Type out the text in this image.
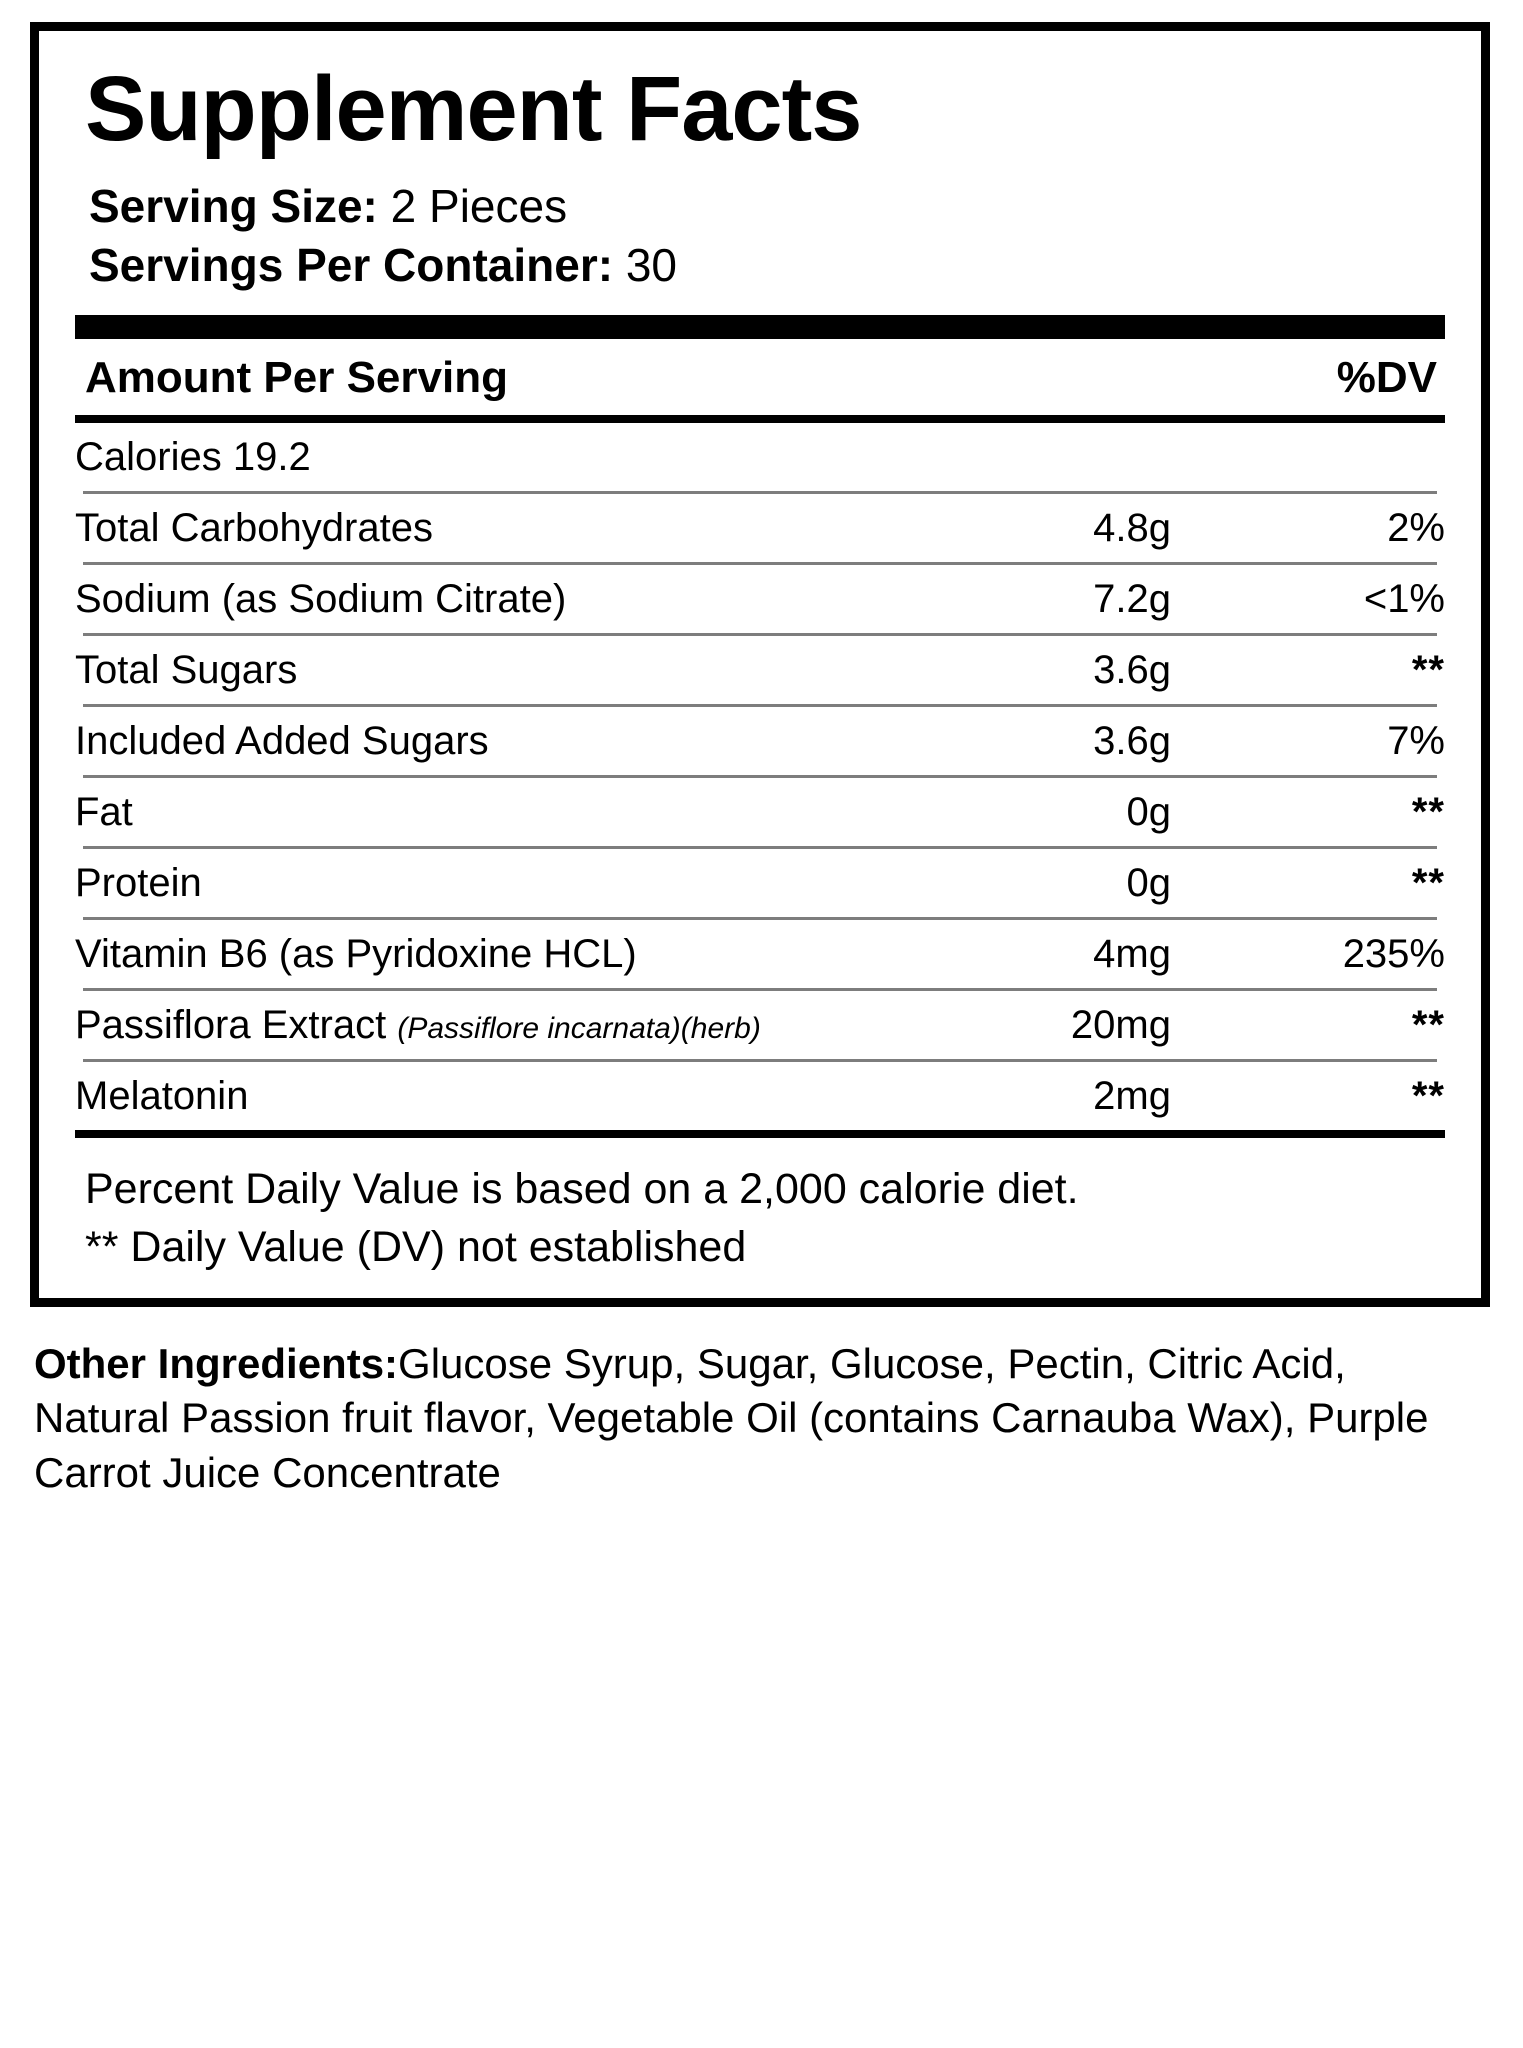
Supplement Facts
Serving Size: 2 Pieces
Servings Per Container: 30
Amount Per Serving		%DV
Calories 19.2		

Total Carbohydrates	4.8g	2%

Sodium (as Sodium Citrate)	7.2g	<1%

Total Sugars	3.6g	**

Included Added Sugars	3.6g	7%

Fat	0g	**

Protein	0g	**

Vitamin B6 (as Pyridoxine HCL)	4mg	235%

Passiflora Extract (Passiflore incarnata)(herb)	20mg	**

Melatonin	2mg	**
Percent Daily Value is based on a 2,000 calorie diet.
** Daily Value (DV) not established
Other Ingredients:Glucose Syrup, Sugar, Glucose, Pectin, Citric Acid, Natural Passion fruit flavor, Vegetable Oil (contains Carnauba Wax), Purple Carrot Juice Concentrate
